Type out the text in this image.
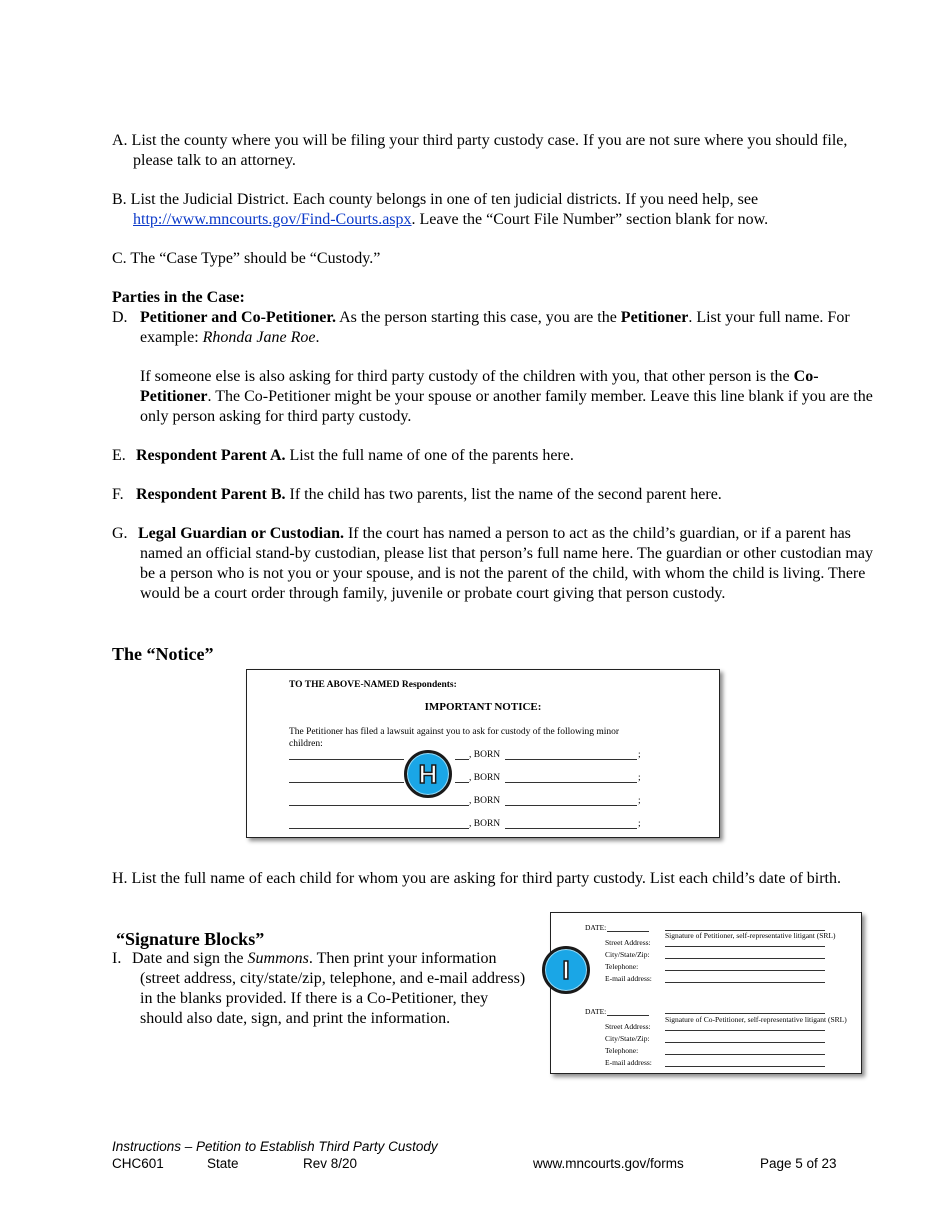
A. List the county where you will be filing your third party custody case. If you are not sure where you should file, please talk to an attorney.
B. List the Judicial District. Each county belongs in one of ten judicial districts. If you need help, see http://www.mncourts.gov/Find-Courts.aspx. Leave the “Court File Number” section blank for now.
C. The “Case Type” should be “Custody.”
Parties in the Case:
D. Petitioner and Co-Petitioner. As the person starting this case, you are the Petitioner. List your full name. For example: Rhonda Jane Roe.
If someone else is also asking for third party custody of the children with you, that other person is the Co-Petitioner. The Co-Petitioner might be your spouse or another family member. Leave this line blank if you are the only person asking for third party custody.
E. Respondent Parent A. List the full name of one of the parents here.
F. Respondent Parent B. If the child has two parents, list the name of the second parent here.
G. Legal Guardian or Custodian. If the court has named a person to act as the child’s guardian, or if a parent has named an official stand-by custodian, please list that person’s full name here. The guardian or other custodian may be a person who is not you or your spouse, and is not the parent of the child, with whom the child is living. There would be a court order through family, juvenile or probate court giving that person custody.
The “Notice”
TO THE ABOVE-NAMED Respondents:
IMPORTANT NOTICE:
The Petitioner has filed a lawsuit against you to ask for custody of the following minor children:
, BORN	;
, BORN	;
, BORN	;
, BORN	;
H
H. List the full name of each child for whom you are asking for third party custody. List each child’s date of birth.
“Signature Blocks”
I. Date and sign the Summons. Then print your information (street address, city/state/zip, telephone, and e-mail address) in the blanks provided. If there is a Co-Petitioner, they should also date, sign, and print the information.
DATE:
Signature of Petitioner, self-representative litigant (SRL)
Street Address:
City/State/Zip:
Telephone:
E-mail address:
DATE:
Signature of Co-Petitioner, self-representative litigant (SRL)
Street Address:
City/State/Zip:
Telephone:
E-mail address:
I
Instructions – Petition to Establish Third Party Custody
CHC601	State	Rev 8/20	www.mncourts.gov/forms	Page 5 of 23
